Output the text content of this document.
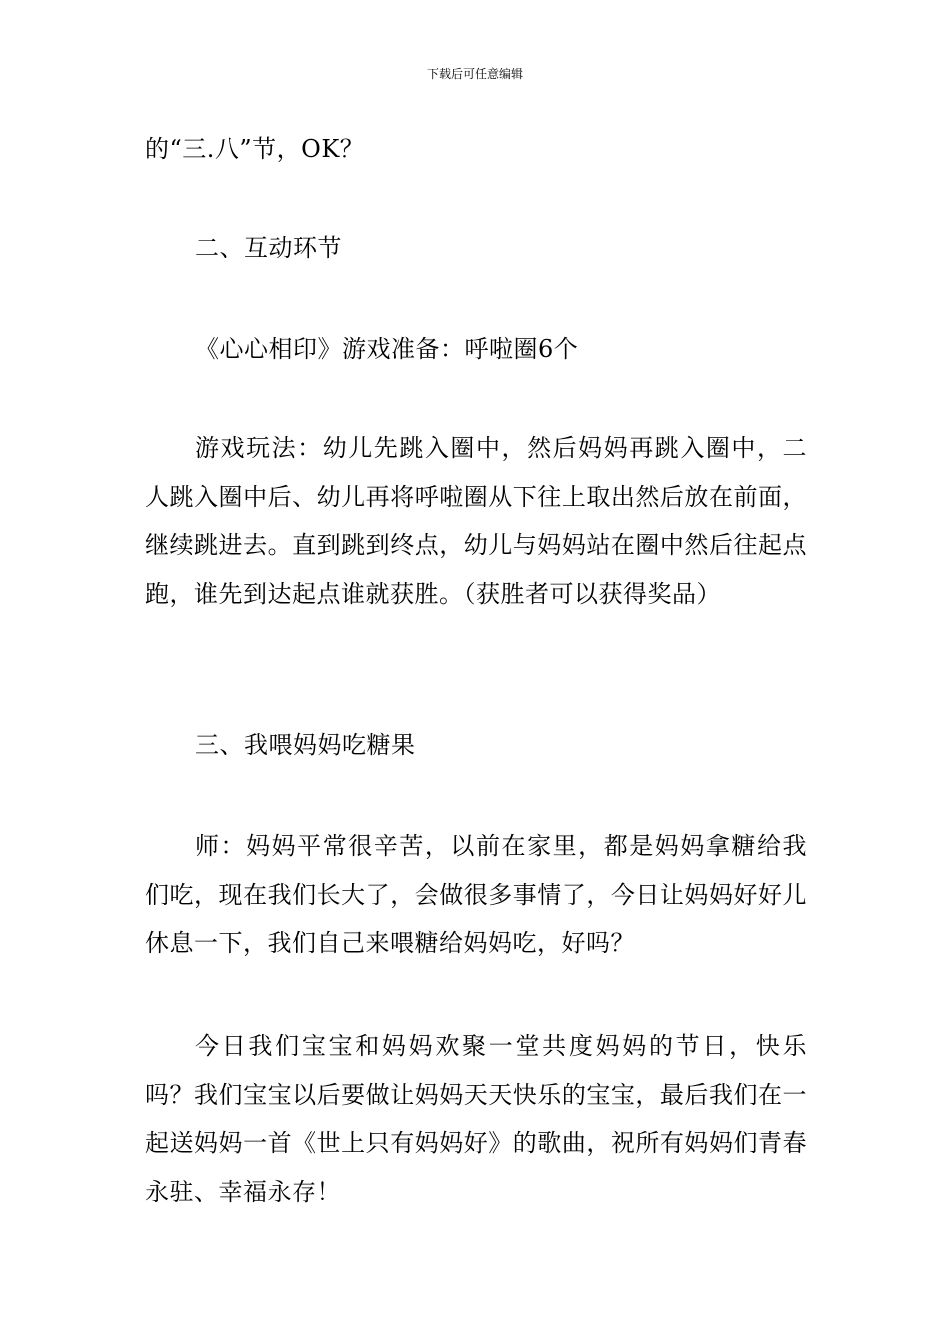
下载后可任意编辑

的“三.八”节，OK？

二、互动环节

《心心相印》游戏准备：呼啦圈6个

游戏玩法：幼儿先跳入圈中，然后妈妈再跳入圈中，二人跳入圈中后、幼儿再将呼啦圈从下往上取出然后放在前面，继续跳进去。直到跳到终点，幼儿与妈妈站在圈中然后往起点跑，谁先到达起点谁就获胜。（获胜者可以获得奖品）

三、我喂妈妈吃糖果

师：妈妈平常很辛苦，以前在家里，都是妈妈拿糖给我们吃，现在我们长大了，会做很多事情了，今日让妈妈好好儿休息一下，我们自己来喂糖给妈妈吃，好吗？

今日我们宝宝和妈妈欢聚一堂共度妈妈的节日，快乐吗？我们宝宝以后要做让妈妈天天快乐的宝宝，最后我们在一起送妈妈一首《世上只有妈妈好》的歌曲，祝所有妈妈们青春永驻、幸福永存！
